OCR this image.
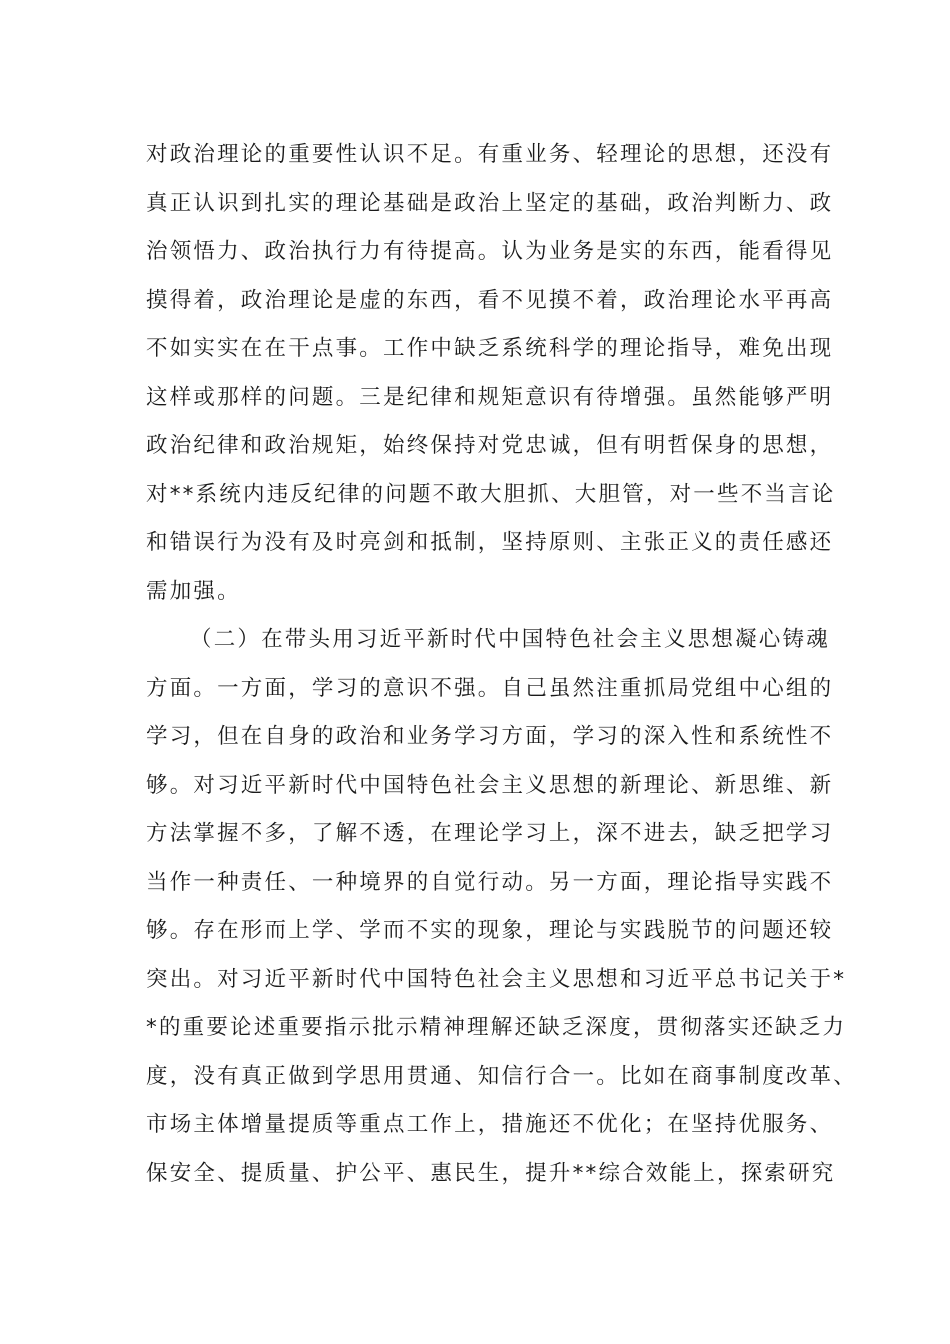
对政治理论的重要性认识不足。有重业务、轻理论的思想，还没有
真正认识到扎实的理论基础是政治上坚定的基础，政治判断力、政
治领悟力、政治执行力有待提高。认为业务是实的东西，能看得见
摸得着，政治理论是虚的东西，看不见摸不着，政治理论水平再高
不如实实在在干点事。工作中缺乏系统科学的理论指导，难免出现
这样或那样的问题。三是纪律和规矩意识有待增强。虽然能够严明
政治纪律和政治规矩，始终保持对党忠诚，但有明哲保身的思想，
对**系统内违反纪律的问题不敢大胆抓、大胆管，对一些不当言论
和错误行为没有及时亮剑和抵制，坚持原则、主张正义的责任感还
需加强。
（二）在带头用习近平新时代中国特色社会主义思想凝心铸魂
方面。一方面，学习的意识不强。自己虽然注重抓局党组中心组的
学习，但在自身的政治和业务学习方面，学习的深入性和系统性不
够。对习近平新时代中国特色社会主义思想的新理论、新思维、新
方法掌握不多，了解不透，在理论学习上，深不进去，缺乏把学习
当作一种责任、一种境界的自觉行动。另一方面，理论指导实践不
够。存在形而上学、学而不实的现象，理论与实践脱节的问题还较
突出。对习近平新时代中国特色社会主义思想和习近平总书记关于*
*的重要论述重要指示批示精神理解还缺乏深度，贯彻落实还缺乏力
度，没有真正做到学思用贯通、知信行合一。比如在商事制度改革、
市场主体增量提质等重点工作上，措施还不优化；在坚持优服务、
保安全、提质量、护公平、惠民生，提升**综合效能上，探索研究
